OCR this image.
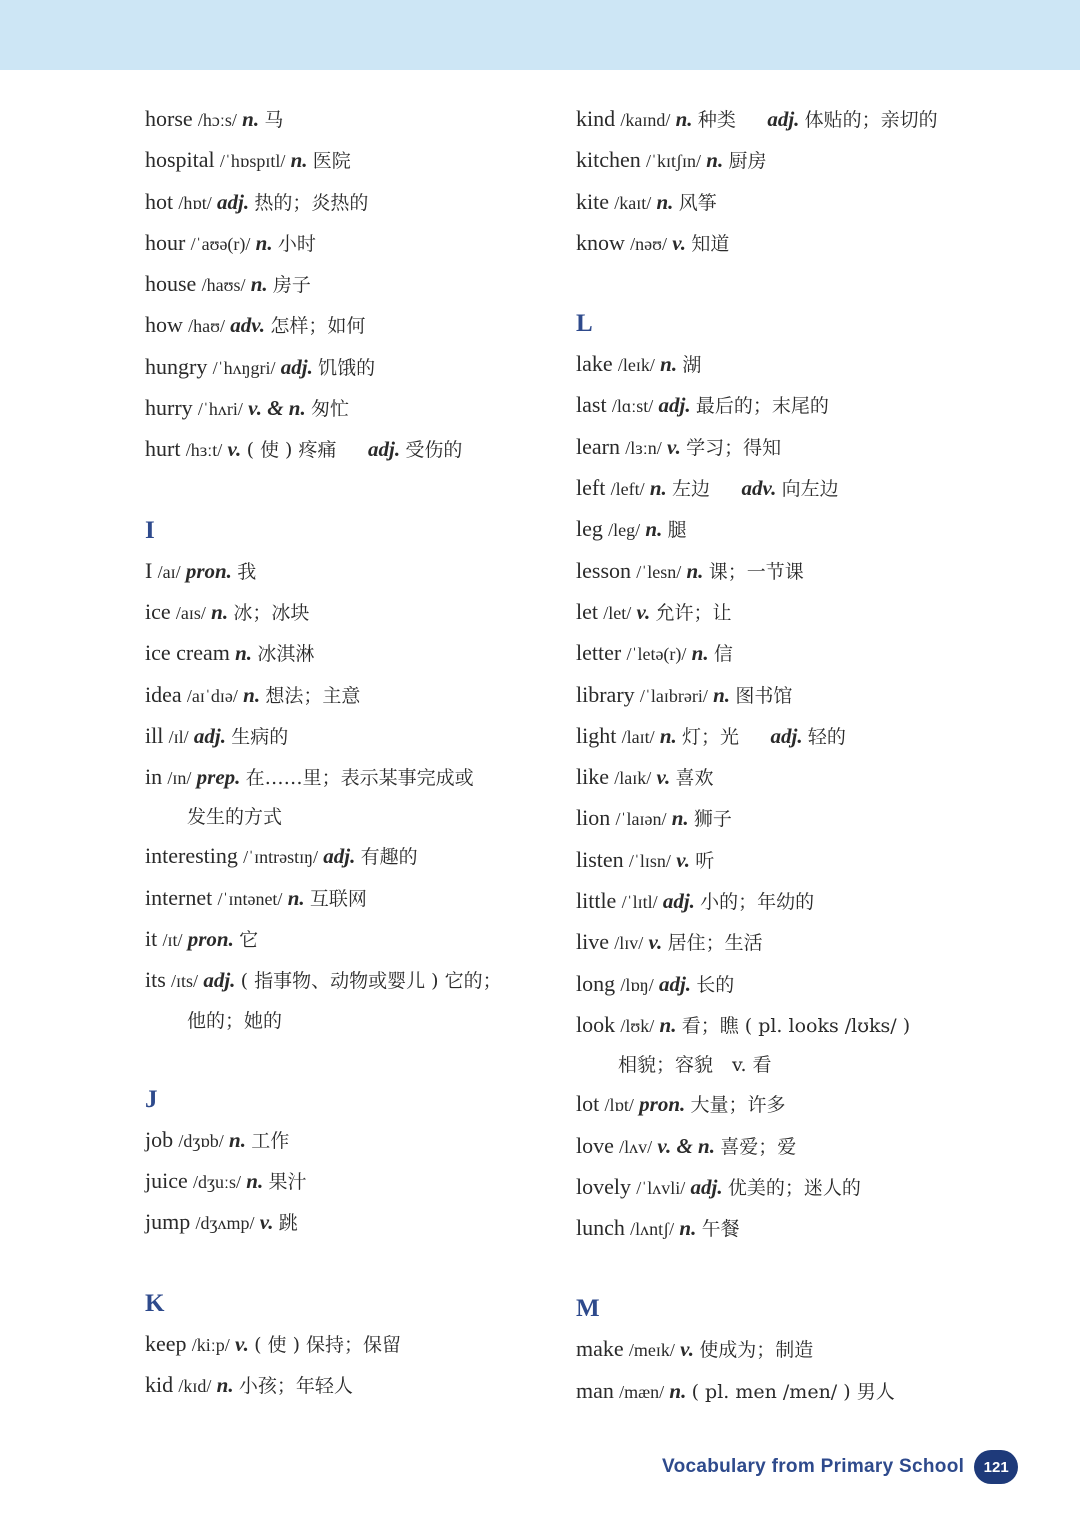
horse /hɔːs/ n. 马
hospital /ˈhɒspɪtl/ n. 医院
hot /hɒt/ adj. 热的；炎热的
hour /ˈaʊə(r)/ n. 小时
house /haʊs/ n. 房子
how /haʊ/ adv. 怎样；如何
hungry /ˈhʌŋgri/ adj. 饥饿的
hurry /ˈhʌri/ v. & n. 匆忙
hurt /hɜːt/ v. ( 使 ) 疼痛   adj. 受伤的
I
I /aɪ/ pron. 我
ice /aɪs/ n. 冰；冰块
ice cream n. 冰淇淋
idea /aɪˈdɪə/ n. 想法；主意
ill /ɪl/ adj. 生病的
in /ɪn/ prep. 在……里；表示某事完成或
发生的方式
interesting /ˈɪntrəstɪŋ/ adj. 有趣的
internet /ˈɪntənet/ n. 互联网
it /ɪt/ pron. 它
its /ɪts/ adj. ( 指事物、动物或婴儿 ) 它的；
他的；她的
J
job /dʒɒb/ n. 工作
juice /dʒuːs/ n. 果汁
jump /dʒʌmp/ v. 跳
K
keep /kiːp/ v. ( 使 ) 保持；保留
kid /kɪd/ n. 小孩；年轻人
kind /kaɪnd/ n. 种类   adj. 体贴的；亲切的
kitchen /ˈkɪtʃɪn/ n. 厨房
kite /kaɪt/ n. 风筝
know /nəʊ/ v. 知道
L
lake /leɪk/ n. 湖
last /lɑːst/ adj. 最后的；末尾的
learn /lɜːn/ v. 学习；得知
left /left/ n. 左边   adv. 向左边
leg /leg/ n. 腿
lesson /ˈlesn/ n. 课；一节课
let /let/ v. 允许；让
letter /ˈletə(r)/ n. 信
library /ˈlaɪbrəri/ n. 图书馆
light /laɪt/ n. 灯；光   adj. 轻的
like /laɪk/ v. 喜欢
lion /ˈlaɪən/ n. 狮子
listen /ˈlɪsn/ v. 听
little /ˈlɪtl/ adj. 小的；年幼的
live /lɪv/ v. 居住；生活
long /lɒŋ/ adj. 长的
look /lʊk/ n. 看；瞧 ( pl. looks /lʊks/ )
相貌；容貌　v. 看
lot /lɒt/ pron. 大量；许多
love /lʌv/ v. & n. 喜爱；爱
lovely /ˈlʌvli/ adj. 优美的；迷人的
lunch /lʌntʃ/ n. 午餐
M
make /meɪk/ v. 使成为；制造
man /mæn/ n. ( pl. men /men/ ) 男人
Vocabulary from Primary School	121
